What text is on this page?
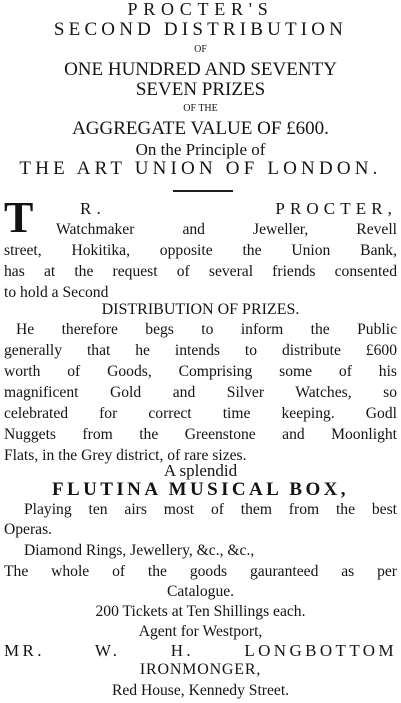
PROCTER'S
SECOND DISTRIBUTION
OF
ONE HUNDRED AND SEVENTY
SEVEN PRIZES
OF THE
AGGREGATE VALUE OF £600.
On the Principle of
THE ART UNION OF LONDON.
T	R. PROCTER,
Watchmaker and Jeweller, Revell
street, Hokitika, opposite the Union Bank,
has at the request of several friends consented
to hold a Second
DISTRIBUTION OF PRIZES.
He therefore begs to inform the Public
generally that he intends to distribute £600
worth of Goods, Comprising some of his
magnificent Gold and Silver Watches, so
celebrated for correct time keeping. Godl
Nuggets from the Greenstone and Moonlight
Flats, in the Grey district, of rare sizes.
A splendid
FLUTINA MUSICAL BOX,
Playing ten airs most of them from the best
Operas.
Diamond Rings, Jewellery, &c., &c.,
The whole of the goods gauranteed as per
Catalogue.
200 Tickets at Ten Shillings each.
Agent for Westport,
MR. W. H. LONGBOTTOM
IRONMONGER,
Red House, Kennedy Street.
